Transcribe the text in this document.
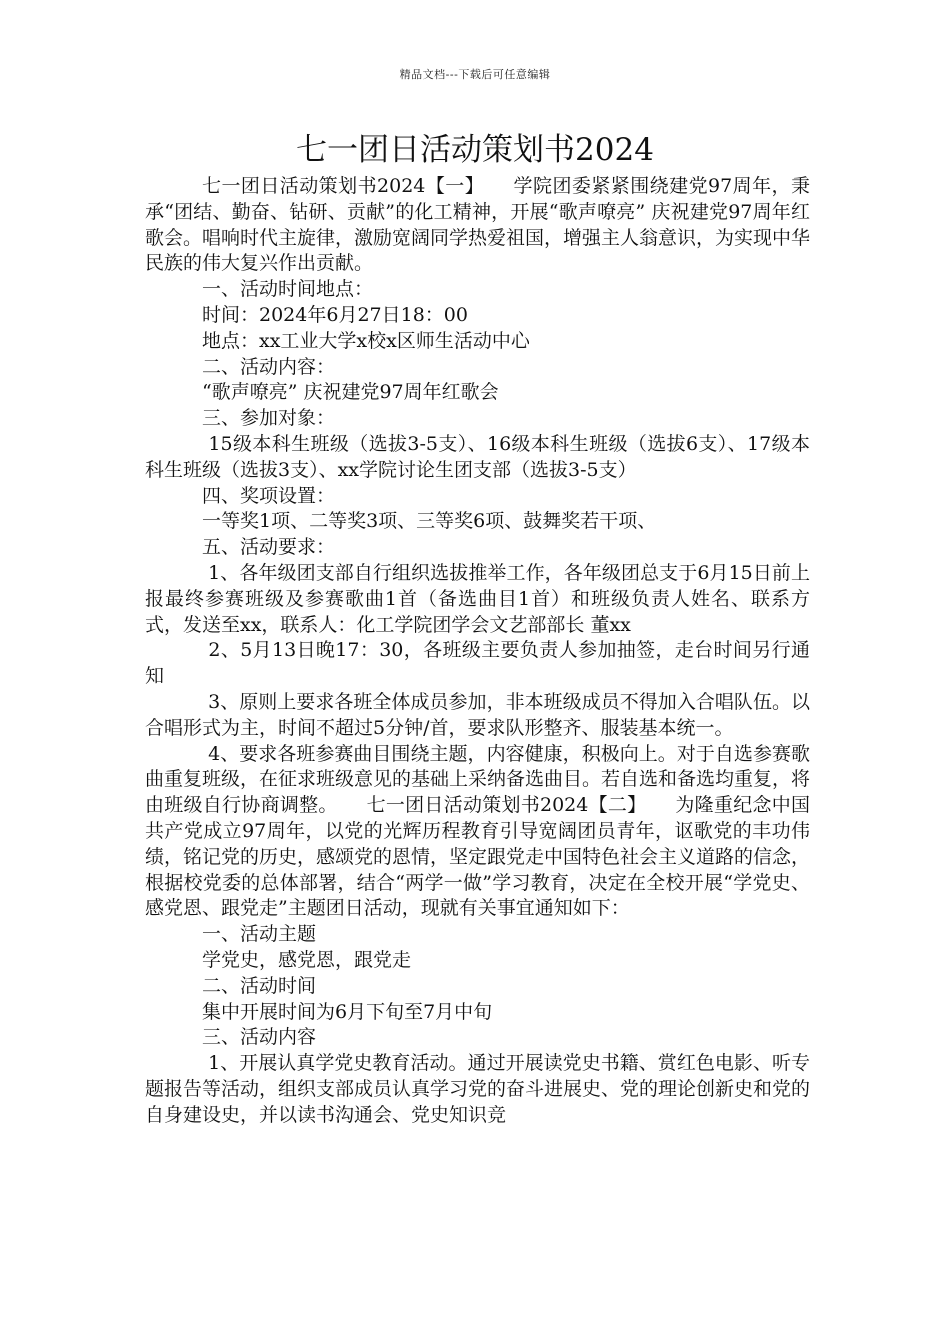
精品文档---下载后可任意编辑
七一团日活动策划书2024

七一团日活动策划书2024【一】　　学院团委紧紧围绕建党97周年，秉承“团结、勤奋、钻研、贡献”的化工精神，开展“歌声嘹亮” 庆祝建党97周年红歌会。唱响时代主旋律，激励宽阔同学热爱祖国，增强主人翁意识，为实现中华民族的伟大复兴作出贡献。

一、活动时间地点：

时间：2024年6月27日18：00

地点：xx工业大学x校x区师生活动中心

二、活动内容：

“歌声嘹亮” 庆祝建党97周年红歌会

三、参加对象：

15级本科生班级（选拔3-5支）、16级本科生班级（选拔6支）、17级本科生班级（选拔3支）、xx学院讨论生团支部（选拔3-5支）

四、奖项设置：

一等奖1项、二等奖3项、三等奖6项、鼓舞奖若干项、

五、活动要求：

1、各年级团支部自行组织选拔推举工作，各年级团总支于6月15日前上报最终参赛班级及参赛歌曲1首（备选曲目1首）和班级负责人姓名、联系方式，发送至xx，联系人：化工学院团学会文艺部部长 董xx

2、5月13日晚17：30，各班级主要负责人参加抽签，走台时间另行通知

3、原则上要求各班全体成员参加，非本班级成员不得加入合唱队伍。以合唱形式为主，时间不超过5分钟/首，要求队形整齐、服装基本统一。

4、要求各班参赛曲目围绕主题，内容健康，积极向上。对于自选参赛歌曲重复班级，在征求班级意见的基础上采纳备选曲目。若自选和备选均重复，将由班级自行协商调整。　　七一团日活动策划书2024【二】　　为隆重纪念中国共产党成立97周年，以党的光辉历程教育引导宽阔团员青年，讴歌党的丰功伟绩，铭记党的历史，感颂党的恩情，坚定跟党走中国特色社会主义道路的信念，根据校党委的总体部署，结合“两学一做”学习教育，决定在全校开展“学党史、感党恩、跟党走”主题团日活动，现就有关事宜通知如下：

一、活动主题

学党史，感党恩，跟党走

二、活动时间

集中开展时间为6月下旬至7月中旬

三、活动内容

1、开展认真学党史教育活动。通过开展读党史书籍、赏红色电影、听专题报告等活动，组织支部成员认真学习党的奋斗进展史、党的理论创新史和党的自身建设史，并以读书沟通会、党史知识竞
